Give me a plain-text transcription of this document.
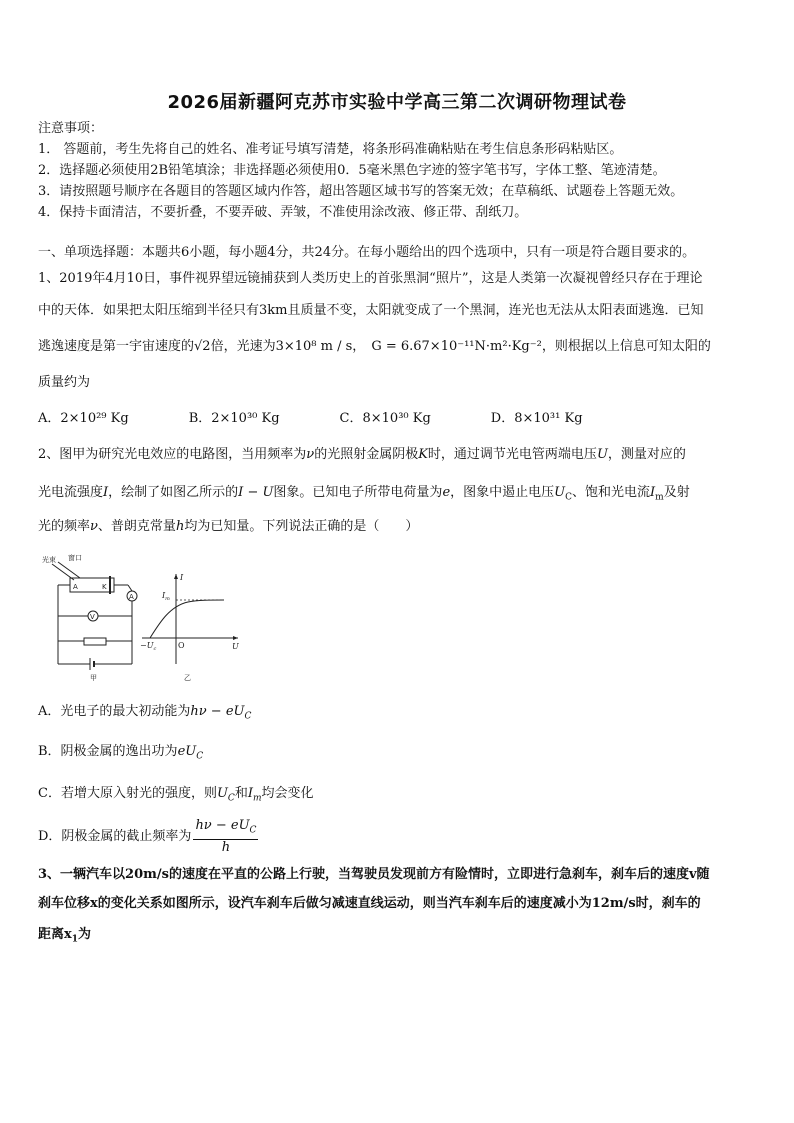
2026届新疆阿克苏市实验中学高三第二次调研物理试卷
注意事项：
1． 答题前，考生先将自己的姓名、准考证号填写清楚，将条形码准确粘贴在考生信息条形码粘贴区。
2．选择题必须使用2B铅笔填涂；非选择题必须使用0．5毫米黑色字迹的签字笔书写，字体工整、笔迹清楚。
3．请按照题号顺序在各题目的答题区域内作答，超出答题区域书写的答案无效；在草稿纸、试题卷上答题无效。
4．保持卡面清洁，不要折叠，不要弄破、弄皱，不准使用涂改液、修正带、刮纸刀。
一、单项选择题：本题共6小题，每小题4分，共24分。在每小题给出的四个选项中，只有一项是符合题目要求的。
1、2019年4月10日，事件视界望远镜捕获到人类历史上的首张黑洞“照片”，这是人类第一次凝视曾经只存在于理论
中的天体．如果把太阳压缩到半径只有3km且质量不变，太阳就变成了一个黑洞，连光也无法从太阳表面逃逸．已知
逃逸速度是第一宇宙速度的√2倍，光速为3×10⁸ m / s， G = 6.67×10⁻¹¹N·m²·Kg⁻²，则根据以上信息可知太阳的
质量约为
A．2×10²⁹ Kg	B．2×10³⁰ Kg	C．8×10³⁰ Kg	D．8×10³¹ Kg
2、图甲为研究光电效应的电路图，当用频率为ν的光照射金属阴极K时，通过调节光电管两端电压U，测量对应的
光电流强度I，绘制了如图乙所示的I − U图象。已知电子所带电荷量为e，图象中遏止电压$U_C$、饱和光电流$I_m$及射
光的频率ν、普朗克常量h均为已知量。下列说法正确的是（　　）
光束 窗口
A	K
V
A
甲
I
$I_m$
O
$-U_c$	U
乙
A．光电子的最大初动能为$h\nu - eU_C$
B．阴极金属的逸出功为$eU_C$
C．若增大原入射光的强度，则$U_C$和$I_m$均会变化
D．阴极金属的截止频率为 $\frac{h\nu - eU_C}{h}$
3、一辆汽车以20m/s的速度在平直的公路上行驶，当驾驶员发现前方有险情时，立即进行急刹车，刹车后的速度v随
刹车位移x的变化关系如图所示，设汽车刹车后做匀减速直线运动，则当汽车刹车后的速度减小为12m/s时，刹车的
距离$x_1$为
